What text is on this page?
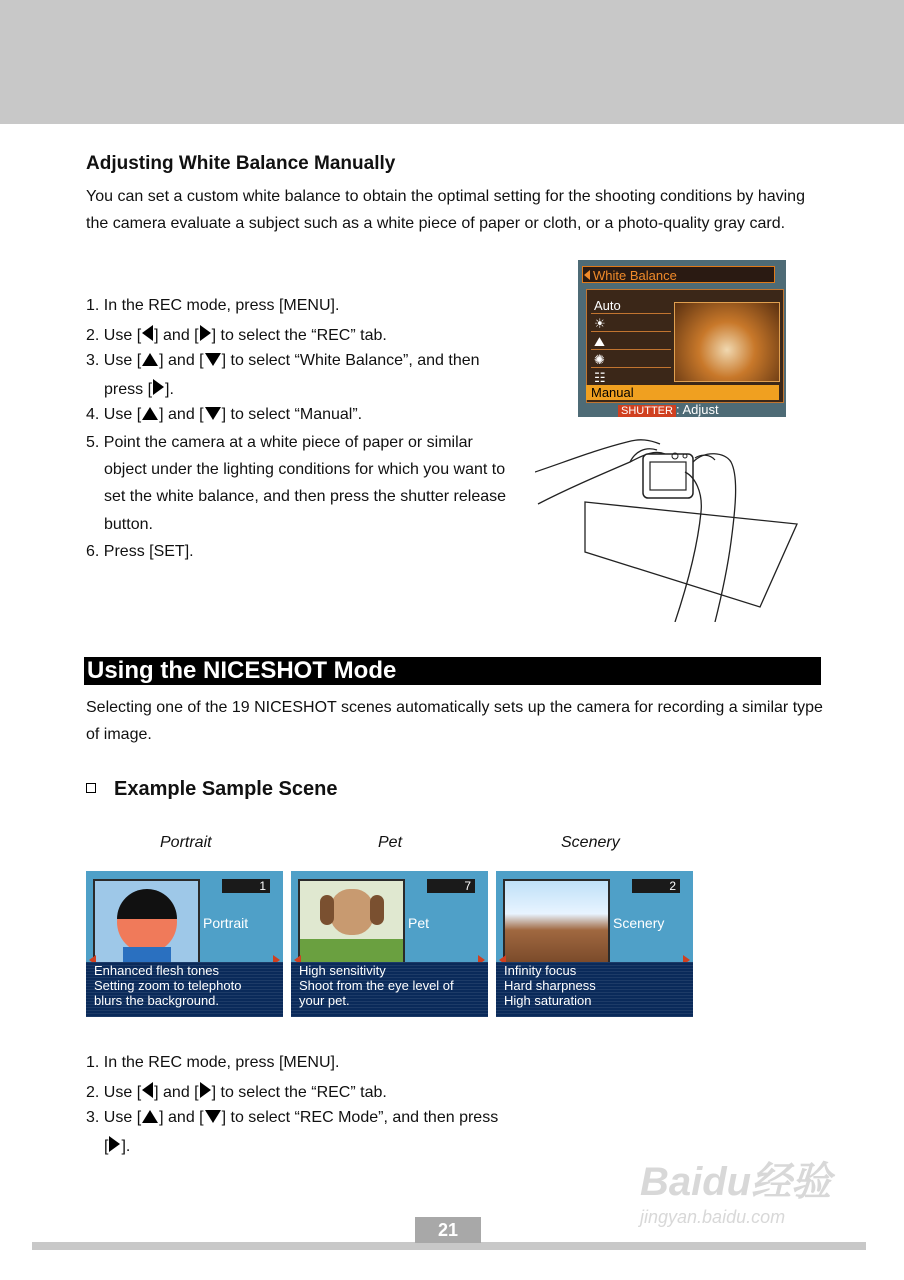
Adjusting White Balance Manually
You can set a custom white balance to obtain the optimal setting for the shooting conditions by having the camera evaluate a subject such as a white piece of paper or cloth, or a photo-quality gray card.
1. In the REC mode, press [MENU].
2. Use [ ] and [ ] to select the “REC” tab.
3. Use [ ] and [ ] to select “White Balance”, and then
press [ ].
4. Use [ ] and [ ] to select “Manual”.
5. Point the camera at a white piece of paper or similar
object under the lighting conditions for which you want to
set the white balance, and then press the shutter release
button.
6. Press [SET].
White Balance
Auto
☀
⛰
✺
☷
Manual
SHUTTER : Adjust
Using the NICESHOT Mode
Selecting one of the 19 NICESHOT scenes automatically sets up the camera for recording a similar type of image.
Example Sample Scene
Portrait	Pet	Scenery
1
Portrait
Enhanced flesh tones
Setting zoom to telephoto
blurs the background.
7
Pet
High sensitivity
Shoot from the eye level of
your pet.
2
Scenery
Infinity focus
Hard sharpness
High saturation
1. In the REC mode, press [MENU].
2. Use [ ] and [ ] to select the “REC” tab.
3. Use [ ] and [ ] to select “REC Mode”, and then press
[ ].
Baidu经验
jingyan.baidu.com
21
